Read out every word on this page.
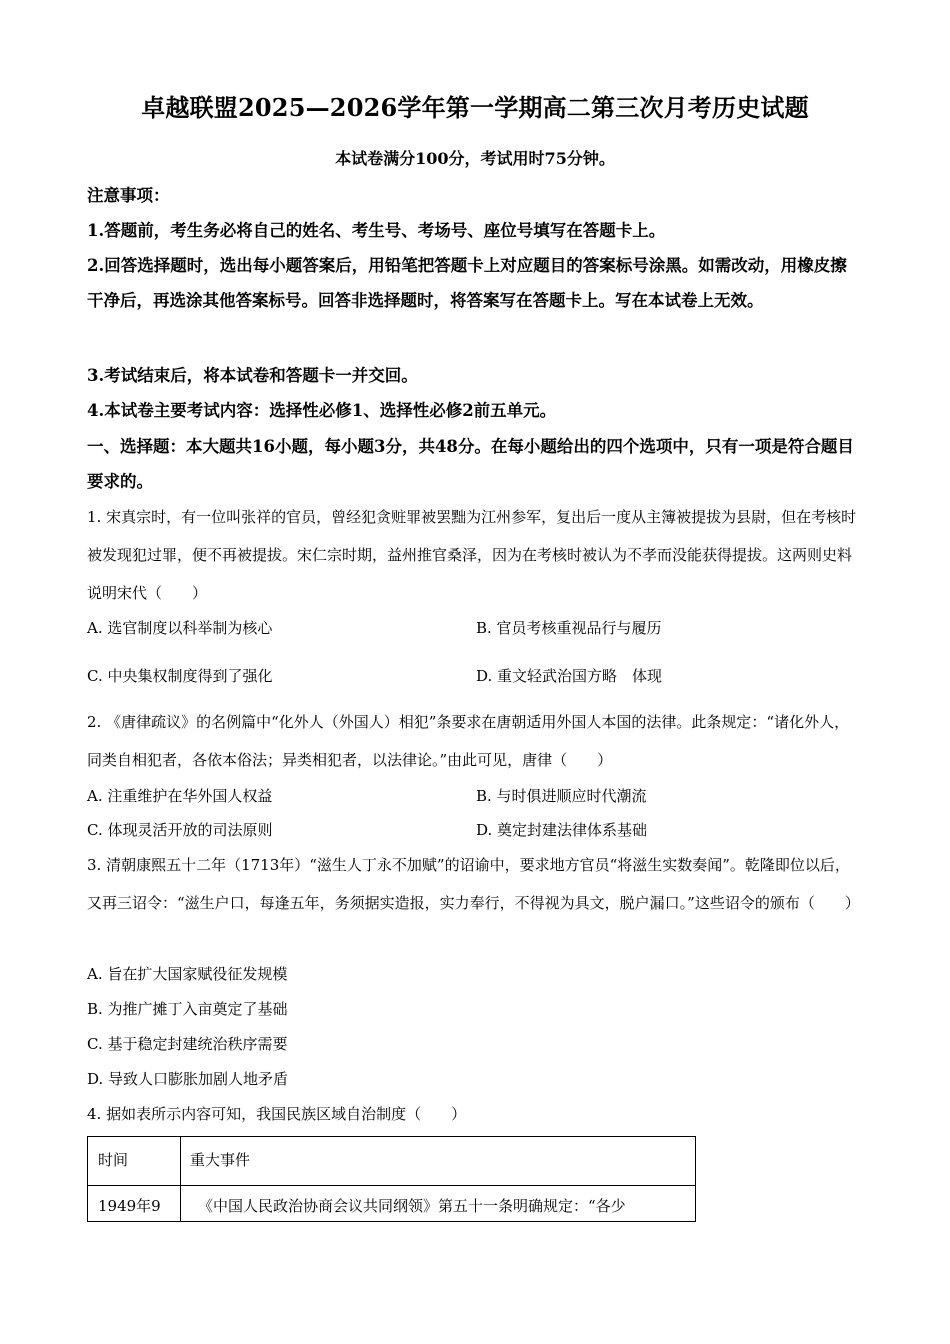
卓越联盟2025—2026学年第一学期高二第三次月考历史试题
本试卷满分100分，考试用时75分钟。
注意事项：
1.答题前，考生务必将自己的姓名、考生号、考场号、座位号填写在答题卡上。
2.回答选择题时，选出每小题答案后，用铅笔把答题卡上对应题目的答案标号涂黑。如需改动，用橡皮擦干净后，再选涂其他答案标号。回答非选择题时，将答案写在答题卡上。写在本试卷上无效。
3.考试结束后，将本试卷和答题卡一并交回。
4.本试卷主要考试内容：选择性必修1、选择性必修2前五单元。
一、选择题：本大题共16小题，每小题3分，共48分。在每小题给出的四个选项中，只有一项是符合题目要求的。
1. 宋真宗时，有一位叫张祥的官员，曾经犯贪赃罪被罢黜为江州参军，复出后一度从主簿被提拔为县尉，但在考核时被发现犯过罪，便不再被提拔。宋仁宗时期，益州推官桑泽，因为在考核时被认为不孝而没能获得提拔。这两则史料说明宋代（　　）
A. 选官制度以科举制为核心	B. 官员考核重视品行与履历
C. 中央集权制度得到了强化	D. 重文轻武治国方略　体现
2. 《唐律疏议》的名例篇中“化外人（外国人）相犯”条要求在唐朝适用外国人本国的法律。此条规定：“诸化外人，同类自相犯者，各依本俗法；异类相犯者，以法律论。”由此可见，唐律（　　）
A. 注重维护在华外国人权益	B. 与时俱进顺应时代潮流
C. 体现灵活开放的司法原则	D. 奠定封建法律体系基础
3. 清朝康熙五十二年（1713年）“滋生人丁永不加赋”的诏谕中，要求地方官员“将滋生实数奏闻”。乾隆即位以后，又再三诏令：“滋生户口，每逢五年，务须据实造报，实力奉行，不得视为具文，脱户漏口。”这些诏令的颁布（　　）
A. 旨在扩大国家赋役征发规模
B. 为推广摊丁入亩奠定了基础
C. 基于稳定封建统治秩序需要
D. 导致人口膨胀加剧人地矛盾
4. 据如表所示内容可知，我国民族区域自治制度（　　）
时间	重大事件
1949年9 《中国人民政治协商会议共同纲领》第五十一条明确规定：“各少
